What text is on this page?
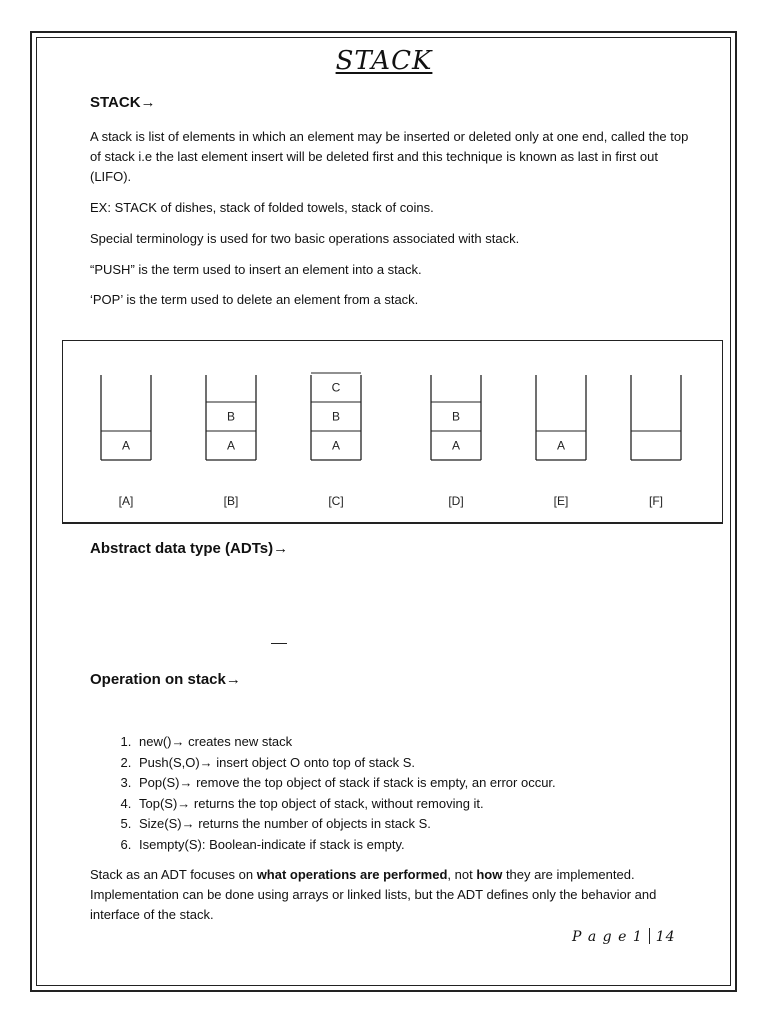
STACK
STACK→
A stack is list of elements in which an element may be inserted or deleted only at one end, called the top of stack i.e the last element insert will be deleted first and this technique is known as last in first out (LIFO).
EX: STACK of dishes, stack of folded towels, stack of coins.
Special terminology is used for two basic operations associated with stack.
“PUSH” is the term used to insert an element into a stack.
‘POP’ is the term used to delete an element from a stack.
A
[A]
A
B
[B]
A
B
C
[C]
A
B
[D]
A
[E]	[F]
Abstract data type (ADTs)→
Operation on stack→
1. new()→ creates new stack
2. Push(S,O)→ insert object O onto top of stack S.
3. Pop(S)→ remove the top object of stack if stack is empty, an error occur.
4. Top(S)→ returns the top object of stack, without removing it.
5. Size(S)→ returns the number of objects in stack S.
6. Isempty(S): Boolean-indicate if stack is empty.
Stack as an ADT focuses on what operations are performed, not how they are implemented. Implementation can be done using arrays or linked lists, but the ADT defines only the behavior and interface of the stack.
P a g e 1 14
